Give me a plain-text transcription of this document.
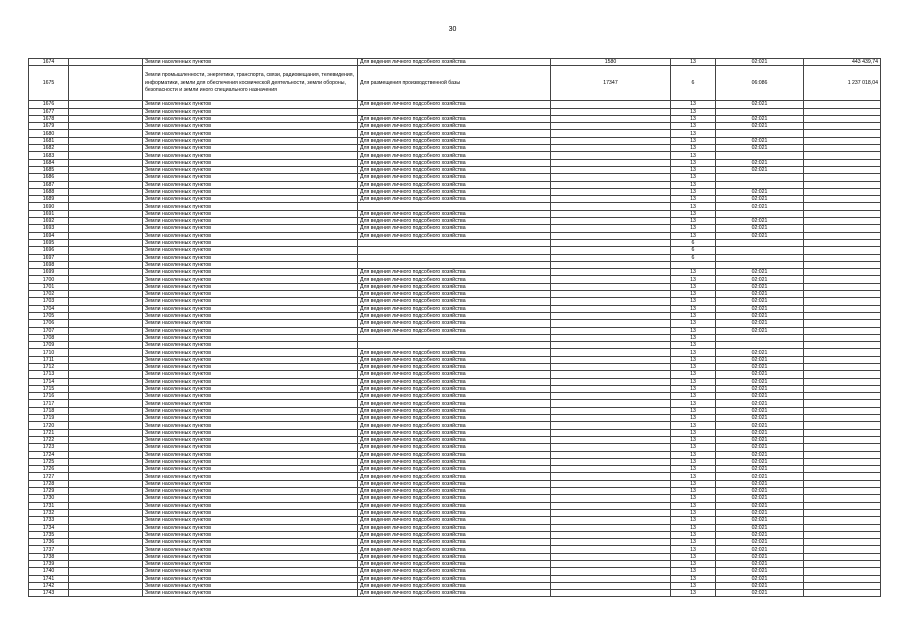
30
1674		Земли населенных пунктов	Для ведения личного подсобного хозяйства	1580	13	02:021	443 439,74
1675		Земли промышленности, энергетики, транспорта, связи, радиовещания, телевидения, информатики, земли для обеспечения космической деятельности, земли обороны, безопасности и земли иного специального назначения	Для размещения производственной базы	17347	6	06:086	1 237 018,04
1676		Земли населенных пунктов	Для ведения личного подсобного хозяйства		13	02:021	
1677		Земли населенных пунктов			13		
1678		Земли населенных пунктов	Для ведения личного подсобного хозяйства		13	02:021	
1679		Земли населенных пунктов	Для ведения личного подсобного хозяйства		13	02:021	
1680		Земли населенных пунктов	Для ведения личного подсобного хозяйства		13		
1681		Земли населенных пунктов	Для ведения личного подсобного хозяйства		13	02:021	
1682		Земли населенных пунктов	Для ведения личного подсобного хозяйства		13	02:021	
1683		Земли населенных пунктов	Для ведения личного подсобного хозяйства		13		
1684		Земли населенных пунктов	Для ведения личного подсобного хозяйства		13	02:021	
1685		Земли населенных пунктов	Для ведения личного подсобного хозяйства		13	02:021	
1686		Земли населенных пунктов	Для ведения личного подсобного хозяйства		13		
1687		Земли населенных пунктов	Для ведения личного подсобного хозяйства		13		
1688		Земли населенных пунктов	Для ведения личного подсобного хозяйства		13	02:021	
1689		Земли населенных пунктов	Для ведения личного подсобного хозяйства		13	02:021	
1690		Земли населенных пунктов			13	02:021	
1691		Земли населенных пунктов	Для ведения личного подсобного хозяйства		13		
1692		Земли населенных пунктов	Для ведения личного подсобного хозяйства		13	02:021	
1693		Земли населенных пунктов	Для ведения личного подсобного хозяйства		13	02:021	
1694		Земли населенных пунктов	Для ведения личного подсобного хозяйства		13	02:021	
1695		Земли населенных пунктов			6		
1696		Земли населенных пунктов			6		
1697		Земли населенных пунктов			6		
1698		Земли населенных пунктов					
1699		Земли населенных пунктов	Для ведения личного подсобного хозяйства		13	02:021	
1700		Земли населенных пунктов	Для ведения личного подсобного хозяйства		13	02:021	
1701		Земли населенных пунктов	Для ведения личного подсобного хозяйства		13	02:021	
1702		Земли населенных пунктов	Для ведения личного подсобного хозяйства		13	02:021	
1703		Земли населенных пунктов	Для ведения личного подсобного хозяйства		13	02:021	
1704		Земли населенных пунктов	Для ведения личного подсобного хозяйства		13	02:021	
1705		Земли населенных пунктов	Для ведения личного подсобного хозяйства		13	02:021	
1706		Земли населенных пунктов	Для ведения личного подсобного хозяйства		13	02:021	
1707		Земли населенных пунктов	Для ведения личного подсобного хозяйства		13	02:021	
1708		Земли населенных пунктов			13		
1709		Земли населенных пунктов			13		
1710		Земли населенных пунктов	Для ведения личного подсобного хозяйства		13	02:021	
1711		Земли населенных пунктов	Для ведения личного подсобного хозяйства		13	02:021	
1712		Земли населенных пунктов	Для ведения личного подсобного хозяйства		13	02:021	
1713		Земли населенных пунктов	Для ведения личного подсобного хозяйства		13	02:021	
1714		Земли населенных пунктов	Для ведения личного подсобного хозяйства		13	02:021	
1715		Земли населенных пунктов	Для ведения личного подсобного хозяйства		13	02:021	
1716		Земли населенных пунктов	Для ведения личного подсобного хозяйства		13	02:021	
1717		Земли населенных пунктов	Для ведения личного подсобного хозяйства		13	02:021	
1718		Земли населенных пунктов	Для ведения личного подсобного хозяйства		13	02:021	
1719		Земли населенных пунктов	Для ведения личного подсобного хозяйства		13	02:021	
1720		Земли населенных пунктов	Для ведения личного подсобного хозяйства		13	02:021	
1721		Земли населенных пунктов	Для ведения личного подсобного хозяйства		13	02:021	
1722		Земли населенных пунктов	Для ведения личного подсобного хозяйства		13	02:021	
1723		Земли населенных пунктов	Для ведения личного подсобного хозяйства		13	02:021	
1724		Земли населенных пунктов	Для ведения личного подсобного хозяйства		13	02:021	
1725		Земли населенных пунктов	Для ведения личного подсобного хозяйства		13	02:021	
1726		Земли населенных пунктов	Для ведения личного подсобного хозяйства		13	02:021	
1727		Земли населенных пунктов	Для ведения личного подсобного хозяйства		13	02:021	
1728		Земли населенных пунктов	Для ведения личного подсобного хозяйства		13	02:021	
1729		Земли населенных пунктов	Для ведения личного подсобного хозяйства		13	02:021	
1730		Земли населенных пунктов	Для ведения личного подсобного хозяйства		13	02:021	
1731		Земли населенных пунктов	Для ведения личного подсобного хозяйства		13	02:021	
1732		Земли населенных пунктов	Для ведения личного подсобного хозяйства		13	02:021	
1733		Земли населенных пунктов	Для ведения личного подсобного хозяйства		13	02:021	
1734		Земли населенных пунктов	Для ведения личного подсобного хозяйства		13	02:021	
1735		Земли населенных пунктов	Для ведения личного подсобного хозяйства		13	02:021	
1736		Земли населенных пунктов	Для ведения личного подсобного хозяйства		13	02:021	
1737		Земли населенных пунктов	Для ведения личного подсобного хозяйства		13	02:021	
1738		Земли населенных пунктов	Для ведения личного подсобного хозяйства		13	02:021	
1739		Земли населенных пунктов	Для ведения личного подсобного хозяйства		13	02:021	
1740		Земли населенных пунктов	Для ведения личного подсобного хозяйства		13	02:021	
1741		Земли населенных пунктов	Для ведения личного подсобного хозяйства		13	02:021	
1742		Земли населенных пунктов	Для ведения личного подсобного хозяйства		13	02:021	
1743		Земли населенных пунктов	Для ведения личного подсобного хозяйства		13	02:021	
